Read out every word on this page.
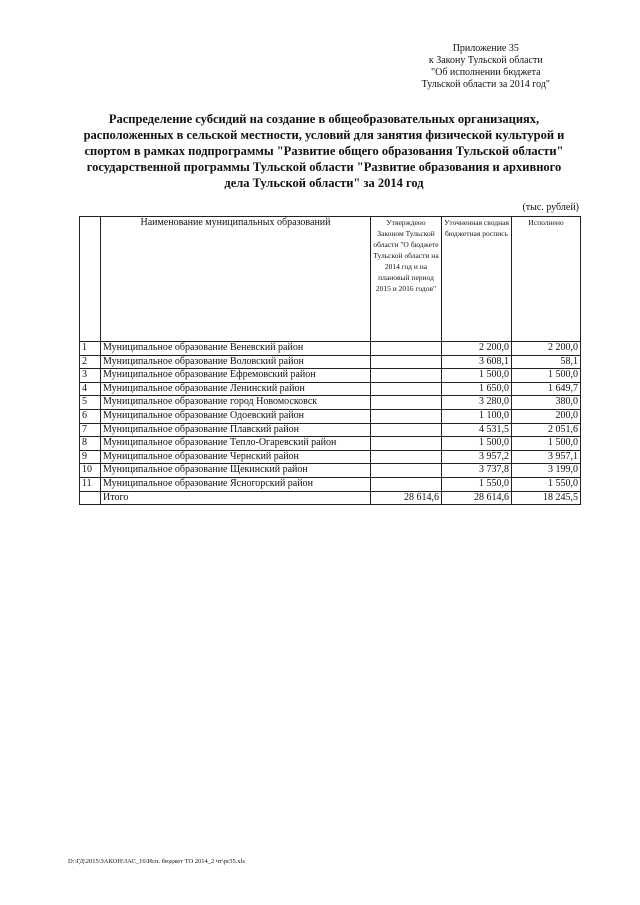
Приложение 35
к Закону Тульской области
"Об исполнении бюджета
Тульской области за 2014 год"
Распределение субсидий на создание в общеобразовательных организациях,
расположенных в сельской местности, условий для занятия физической культурой и
спортом в рамках подпрограммы "Развитие общего образования Тульской области"
государственной программы Тульской области "Развитие образования и архивного
дела Тульской области" за 2014 год
(тыс. рублей)
	Наименование муниципальных образований	Утверждено Законом Тульской области "О бюджете Тульской области на 2014 год и на плановый период 2015 и 2016 годов"	Уточненная сводная бюджетная роспись	Исполнено
1	Муниципальное образование Веневский район		2 200,0	2 200,0
2	Муниципальное образование Воловский район		3 608,1	58,1
3	Муниципальное образование Ефремовский район		1 500,0	1 500,0
4	Муниципальное образование Ленинский район		1 650,0	1 649,7
5	Муниципальное образование город Новомосковск		3 280,0	380,0
6	Муниципальное образование Одоевский район		1 100,0	200,0
7	Муниципальное образование Плавский район		4 531,5	2 051,6
8	Муниципальное образование Тепло-Огаревский район		1 500,0	1 500,0
9	Муниципальное образование Чернский район		3 957,2	3 957,1
10	Муниципальное образование Щекинский район		3 737,8	3 199,0
11	Муниципальное образование Ясногорский район		1 550,0	1 550,0
	Итого	28 614,6	28 614,6	18 245,5
D:\ГД\2015\ЗАКОН\ЗАС_16\Исп. бюджет ТО 2014_2 чт\pr35.xls
